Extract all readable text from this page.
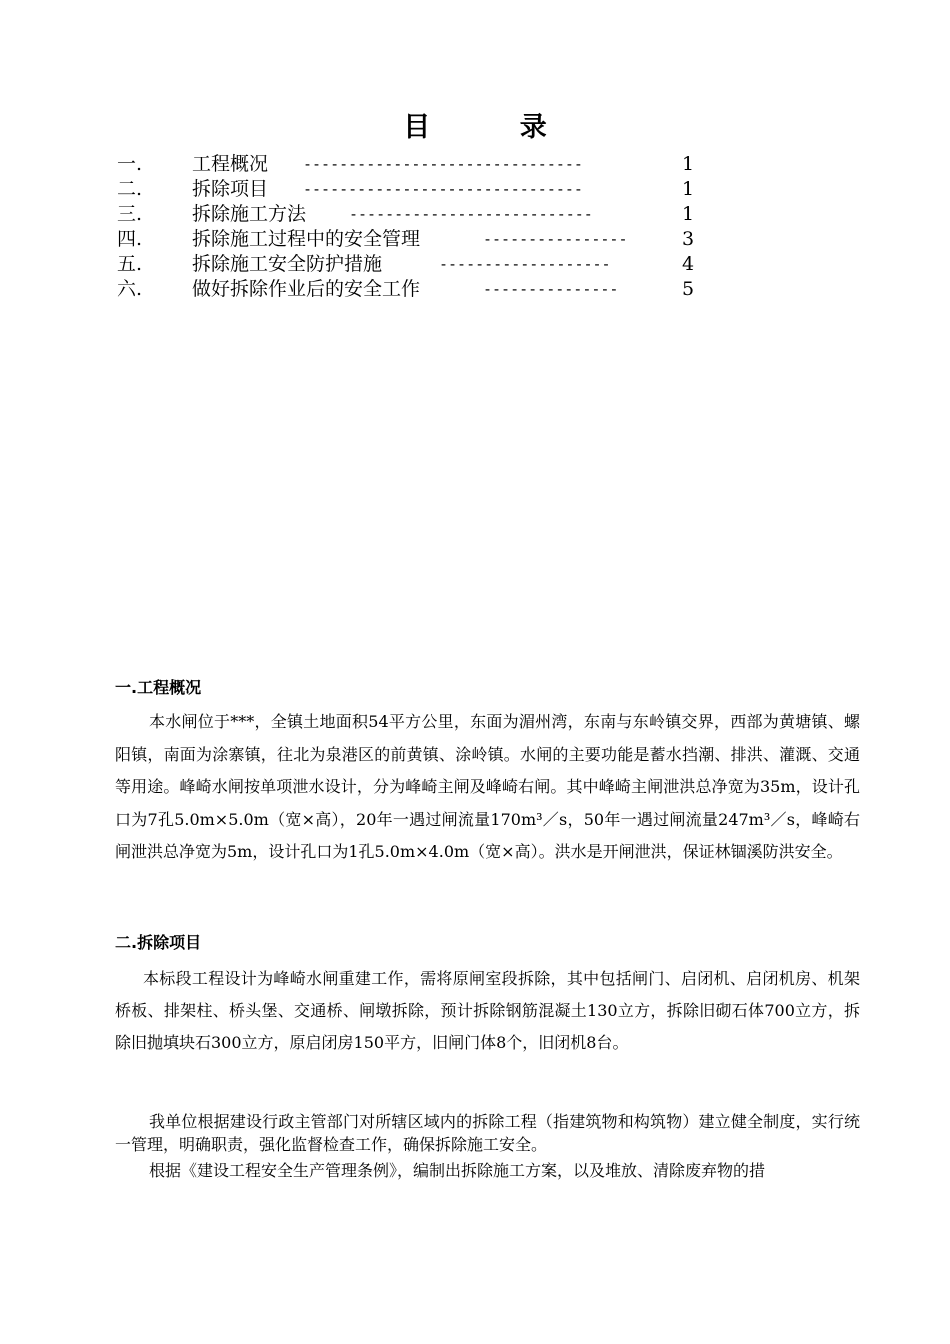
目 录
一.	工程概况 -------------------------------	1
二.	拆除项目 -------------------------------	1
三.	拆除施工方法	---------------------------	1
四.	拆除施工过程中的安全管理	----------------	3
五.	拆除施工安全防护措施	-------------------	4
六.	做好拆除作业后的安全工作	---------------	5
一.工程概况
本水闸位于***，全镇土地面积54平方公里，东面为湄州湾，东南与东岭镇交界，西部为黄塘镇、螺阳镇，南面为涂寨镇，往北为泉港区的前黄镇、涂岭镇。水闸的主要功能是蓄水挡潮、排洪、灌溉、交通等用途。峰崎水闸按单项泄水设计，分为峰崎主闸及峰崎右闸。其中峰崎主闸泄洪总净宽为35m，设计孔口为7孔5.0m×5.0m（宽×高），20年一遇过闸流量170m³／s，50年一遇过闸流量247m³／s，峰崎右闸泄洪总净宽为5m，设计孔口为1孔5.0m×4.0m（宽×高）。洪水是开闸泄洪，保证林锢溪防洪安全。
二.拆除项目
本标段工程设计为峰崎水闸重建工作，需将原闸室段拆除，其中包括闸门、启闭机、启闭机房、机架桥板、排架柱、桥头堡、交通桥、闸墩拆除，预计拆除钢筋混凝土130立方，拆除旧砌石体700立方，拆除旧抛填块石300立方，原启闭房150平方，旧闸门体8个，旧闭机8台。
我单位根据建设行政主管部门对所辖区域内的拆除工程（指建筑物和构筑物）建立健全制度，实行统一管理，明确职责，强化监督检查工作，确保拆除施工安全。
根据《建设工程安全生产管理条例》，编制出拆除施工方案，以及堆放、清除废弃物的措
